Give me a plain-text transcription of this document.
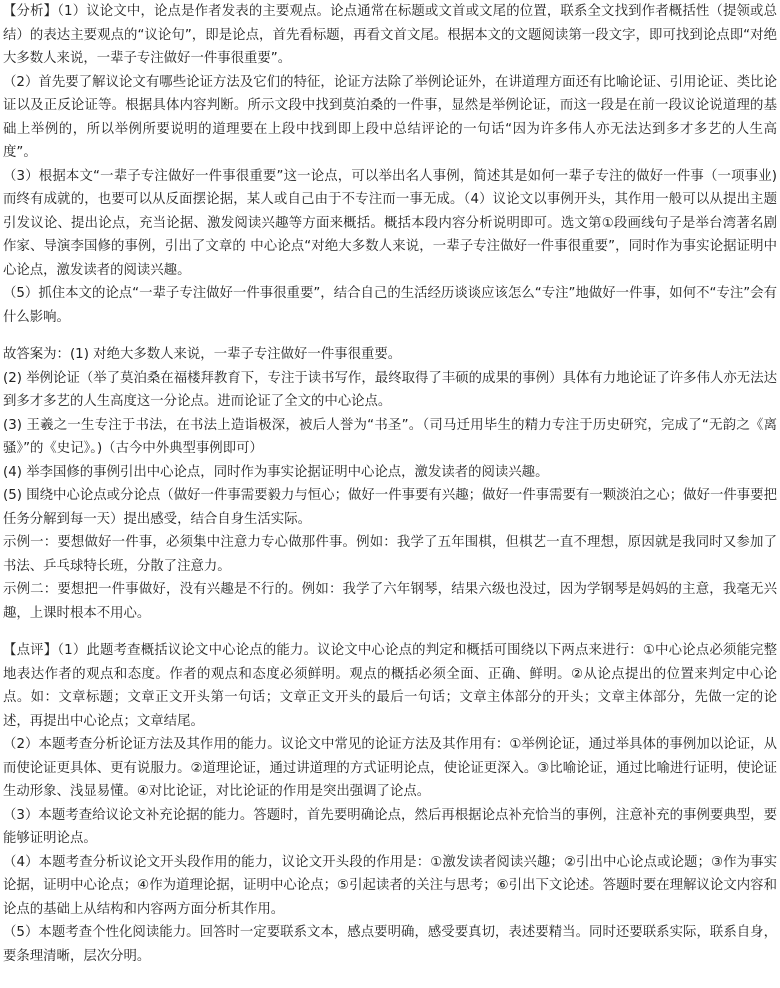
【分析】（1）议论文中，论点是作者发表的主要观点。论点通常在标题或文首或文尾的位置，联系全文找到作者概括性（提领或总结）的表达主要观点的“议论句”，即是论点，首先看标题，再看文首文尾。根据本文的文题阅读第一段文字，即可找到论点即“对绝大多数人来说，一辈子专注做好一件事很重要”。

（2）首先要了解议论文有哪些论证方法及它们的特征，论证方法除了举例论证外，在讲道理方面还有比喻论证、引用论证、类比论证以及正反论证等。根据具体内容判断。所示文段中找到莫泊桑的一件事，显然是举例论证，而这一段是在前一段议论说道理的基础上举例的，所以举例所要说明的道理要在上段中找到即上段中总结评论的一句话“因为许多伟人亦无法达到多才多艺的人生高度”。

（3）根据本文“一辈子专注做好一件事很重要”这一论点，可以举出名人事例，简述其是如何一辈子专注的做好一件事（一项事业)而终有成就的，也要可以从反面摆论据，某人或自己由于不专注而一事无成。（4）议论文以事例开头，其作用一般可以从提出主题引发议论、提出论点，充当论据、激发阅读兴趣等方面来概括。概括本段内容分析说明即可。选文第①段画线句子是举台湾著名剧作家、导演李国修的事例，引出了文章的 中心论点“对绝大多数人来说，一辈子专注做好一件事很重要”，同时作为事实论据证明中心论点，激发读者的阅读兴趣。

（5）抓住本文的论点“一辈子专注做好一件事很重要”，结合自己的生活经历谈谈应该怎么“专注”地做好一件事，如何不“专注”会有什么影响。

故答案为：(1) 对绝大多数人来说，一辈子专注做好一件事很重要。

(2) 举例论证（举了莫泊桑在福楼拜教育下，专注于读书写作，最终取得了丰硕的成果的事例）具体有力地论证了许多伟人亦无法达到多才多艺的人生高度这一分论点。进而论证了全文的中心论点。

(3) 王羲之一生专注于书法，在书法上造诣极深，被后人誉为“书圣”。（司马迁用毕生的精力专注于历史研究，完成了“无韵之《离骚》”的《史记》。)（古今中外典型事例即可）

(4) 举李国修的事例引出中心论点，同时作为事实论据证明中心论点，激发读者的阅读兴趣。

(5) 围绕中心论点或分论点（做好一件事需要毅力与恒心；做好一件事要有兴趣；做好一件事需要有一颗淡泊之心；做好一件事要把任务分解到每一天）提出感受，结合自身生活实际。

示例一：要想做好一件事，必须集中注意力专心做那件事。例如：我学了五年围棋，但棋艺一直不理想，原因就是我同时又参加了书法、乒乓球特长班，分散了注意力。

示例二：要想把一件事做好，没有兴趣是不行的。例如：我学了六年钢琴，结果六级也没过，因为学钢琴是妈妈的主意，我毫无兴趣，上课时根本不用心。

【点评】（1）此题考查概括议论文中心论点的能力。议论文中心论点的判定和概括可围绕以下两点来进行：①中心论点必须能完整地表达作者的观点和态度。作者的观点和态度必须鲜明。观点的概括必须全面、正确、鲜明。②从论点提出的位置来判定中心论点。如：文章标题；文章正文开头第一句话；文章正文开头的最后一句话；文章主体部分的开头；文章主体部分，先做一定的论述，再提出中心论点；文章结尾。

（2）本题考查分析论证方法及其作用的能力。议论文中常见的论证方法及其作用有：①举例论证，通过举具体的事例加以论证，从而使论证更具体、更有说服力。②道理论证，通过讲道理的方式证明论点，使论证更深入。③比喻论证，通过比喻进行证明，使论证生动形象、浅显易懂。④对比论证，对比论证的作用是突出强调了论点。

（3）本题考查给议论文补充论据的能力。答题时，首先要明确论点，然后再根据论点补充恰当的事例，注意补充的事例要典型，要能够证明论点。

（4）本题考查分析议论文开头段作用的能力，议论文开头段的作用是：①激发读者阅读兴趣；②引出中心论点或论题；③作为事实论据，证明中心论点；④作为道理论据，证明中心论点；⑤引起读者的关注与思考；⑥引出下文论述。答题时要在理解议论文内容和论点的基础上从结构和内容两方面分析其作用。

（5）本题考查个性化阅读能力。回答时一定要联系文本，感点要明确，感受要真切，表述要精当。同时还要联系实际，联系自身，要条理清晰，层次分明。
